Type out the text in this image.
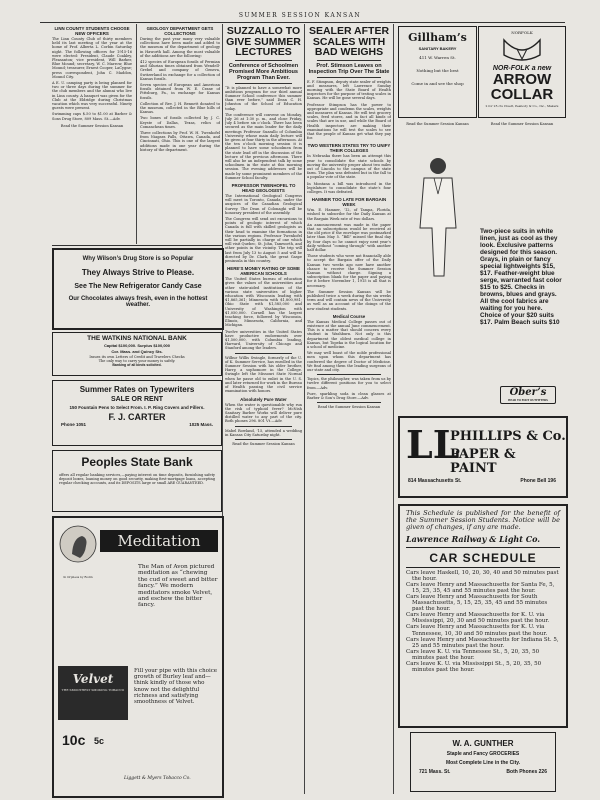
SUMMER SESSION KANSAN
LINN COUNTY STUDENTS CHOOSE NEW OFFICERS
The Linn County Club of thirty members held its last meeting of the year at the home of Prof. Alberta L. Corbin Saturday night. The following officers for 1915-16 were elected: President, Claude Coakley, Pleasanton; vice president, Will Barker, Blue Mound; secretary, W. C. Marrow, Blue Mound; treasurer, Ernest Cooper, LaCygne; press correspondent, John C. Maddox, Mound City.
A E. U. camping party is being planned for two or three days during the summer for the club members and the alumni who live in Linn county. A banquet was given for the Club at the Eldridge during Christmas vacation which was very successful. Ninety guests were present.
Swimming caps $.50 to $1.00 at Barber & Sons Drug Store, 809 Mass. St.—Adv.
Read the Summer Session Kansan
GEOLOGY DEPARTMENT GETS COLLECTIONS
During the past year many very valuable collections have been made and added to the museum of the department of geology in Haworth hall. Among the most valuable of the additions are the following:
412 species of European fossils of Permian and Silurian times obtained from Wendell-Grebel and company of Geneva, Switzerland in exchange for a collection of Kansas fossils.
Seven species of European and American fossils obtained from W. E. Crane of Pittsburg, Pa., in exchange for Kansas fossils.
Collection of Rev. J. H. Bennett donated to the museum, collected in the Blue hills of Kansas.
Two boxes of fossils collected by J. C. Keyste of Dallas, Texas, relics of Comanchean times.
Three collections by Prof. W. H. Twenhofel from Niagara Falls, Ottawa, Canada, and Cincinnati, Ohio. This is one of the largest additions made in one year during the history of the department.
SUZZALLO TO GIVE SUMMER LECTURES
Conference of Schoolmen Promised More Ambitious Program Than Ever.
“It is planned to have a somewhat more ambitious program for our third annual Summer School conference this summer than ever before,” said Dean C. H. Johnston of the School of Education today.
The conference will convene on Monday, July 26 at 1:30 p. m., and close Friday, July 4 before six o’clock. There has been secured as the main leader for the daily meetings Professor Suzzallo of Columbia University whose main daily lecture will be given at four thirty in the afternoon. At the ten o’clock morning session it is planned to have some schoolmen from the state lead off in the discussion of the lecture of the previous afternoon. There will also be an independent talk by some schoolmen in the state at this morning session. The evening addresses will be made by some prominent members of the Summer School faculty.
PROFESSOR TWENHOFEL TO HEAD GEOLOGISTS
The International Geological Congress will meet in Toronto, Canada, under the auspices of the Canadian Geological Survey. The Dean of Colonaghi will be honorary president of the assembly.
The Congress will send out excursions to points of geologic interest of which Canada is full with skilled geologists as their head to examine the formations in the various regions. Professor Twenhofel will be partially in charge of one which will visit Quebec, St. John, Tamworth, and other points in the vicinity. The trip will last from July 13 to August 5 and will be directed by Dr. Clark, the great Gaspe peninsula in this country.
HERE’S MONEY RATING OF SOME AMERICAN SCHOOLS
The United States bureau of education gives the values of the universities and other state-aided institutions of the various state universities of higher education with Wisconsin leading with $1,865,361; Minnesota with $1,800,981; Ohio State with $1,585,000 and University of Washington with $1,050,000. Cornell has the largest teaching force, followed by Wisconsin, Illinois, Minnesota, California, and Michigan.
Twelve universities in the United States have productive endowments over $1,500,000, with Columbia leading, Harvard, University of Chicago and Stanford among the leaders.
Wilbur Willis Swingle, formerly of the U. of K. Summer Service, has enrolled in the Summer Session with his older brother, Harry, a sophomore in the College. Swingle left the Missouri State Normal when he passe old to enlist in the U. S. and later returned for work in the Bureau of Health passing the civil service examination with honors.
Absolutely Pure Water
When the water is questionable why run the risk of typhoid fever? McNish Sanitary Barber Works will deliver pure distilled water to any part of the city. Both phones 296. 801 Vt.—Adv.
Mabel Rowland, ’15, attended a wedding in Kansas City Saturday night.
Read the Summer Session Kansan
SEALER AFTER SCALES WITH BAD WEIGHS
Prof. Stimson Leaves on Inspection Trip Over The State
E. F. Stimpson, deputy state sealer of weights and measures, left Lawrence Sunday morning with the State Board of Health inspectors for the purpose of testing scales in Kansas. He will be gone several days.
Professor Stimpson has the power to appropriate and condemn the scales, weights and measures of Kansas. He will test grocery scales, feed stores, and in fact all kinds of scales that are in use, and while the Board of Health inspectors are making their examinations he will test the scales to see that the people of Kansas get what they pay for.
TWO WESTERN STATES TRY TO UNIFY THEIR COLLEGES
In Nebraska there has been an attempt this year to consolidate the state schools by moving the university proper about two miles out of Lincoln to the campus of the state farm. The plan was defeated but in the fall to a popular vote of the state.
In Montana a bill was introduced in the legislature to consolidate the state’s four colleges. It was defeated.
HAMNER TOO LATE FOR BARGAIN WEEK
Wm. E. Hamner, ’12, of Tampa, Florida, wished to subscribe for the Daily Kansan at the Bargain Week rate of two dollars.
An announcement was made in the paper that no subscriptions would be received at the old price if the envelope was postmarked later than May 5. “Bill” missed the final day by four days so he cannot enjoy next year’s daily without “coming through” with another half dollar.
Those students who were not financially able to accept the Bargain offer of the Daily Kansan two weeks ago now have another chance to receive the Summer Session Kansan without charge. Signing a subscription blank for the paper and paying for it before November 1, 1915 is all that is necessary.
The Summer Session Kansan will be published twice a week during the six weeks term and will contain news of the University as well as an account of the doings of the new student students.
Medical Course
The Kansas Medical College passes out of existence at the annual June commencement. This is a matter that should concern every student in Washburn. Not only is this department the oldest medical college in Kansas, but Topeka is the logical location for a school of medicine.
We may well boast of the noble professional men upon whom this department has conferred the degree of Doctor of Medicine. We find among them the leading surgeons of our state and city.
Topics, the philosopher, was taken from us by twelve different positions for you to select from.—Adv.
Pure, sparkling soda in clean glasses at Barber & Son’s Drug Store.—Adv.
Read the Summer Session Kansan
Gillham’s
SANITARY BAKERY
411 W. Warren St.
Nothing but the best
Come in and see the shop
NORFOLK
NOR-FOLK a new
ARROW
COLLAR
2 for 25 cts Cluett, Peabody & Co., Inc., Makers
Read the Summer Session Kansan	Read the Summer Session Kansan
Why Wilson’s Drug Store is so Popular
They Always Strive to Please.
See The New Refrigerator Candy Case
Our Chocolates always fresh, even in the hottest weather.
THE WATKINS NATIONAL BANK
Capital $100,000. Surplus $100,000
Cor. Mass. and Quincy Sts.
Issues its own Letters of Credit and Travelers Checks
The only way to carry your money is safely.
Banking of all kinds solicited.
Summer Rates on Typewriters
SALE OR RENT
150 Fountain Pens to Select From. I. P. Ring Covers and Fillers.
F. J. CARTER
Phone 1051	1025 Mass.
Peoples State Bank
offers all regular banking services,—paying interest on time deposits, furnishing safety deposit boxes, loaning money on good security, making first-mortgage loans, accepting regular checking accounts, and its DEPOSITS large or small ARE GUARANTEED.
In Orpheus by Rodin
Meditation
The Man of Avon pictured meditation as “chewing the cud of sweet and bitter fancy.” We modern meditators smoke Velvet, and eschew the bitter fancy.
Velvet
THE SMOOTHEST SMOKING TOBACCO
Fill your pipe with this choice growth of Burley leaf and—think kindly of those who know not the delightful richness and satisfying smoothness of Velvet.
10c 5c
Liggett & Myers Tobacco Co.
Two-piece suits in white linen, just as cool as they look. Exclusive patterns designed for this season. Grays, in plain or fancy special lightweights $15, $17. Feather-weight blue serge, warranted fast color $15 to $25. Checks in browns, blues and grays. All the cool fabrics are waiting for you here. Choice of your $20 suits $17. Palm Beach suits $10
Ober’s
HEAD TO FOOT OUTFITTERS
LL
PHILLIPS & Co.
PAPER & PAINT
814 Massachusetts St.	Phone Bell 196
This Schedule is published for the benefit of the Summer Session Students. Notice will be given of changes, if any are made.
Lawrence Railway & Light Co.
CAR SCHEDULE
Cars leave Haskell, 10, 20, 30, 40 and 50 minutes past the hour.
Cars leave Henry and Massachusetts for Santa Fe, 5, 15, 25, 35, 45 and 55 minutes past the hour.
Cars leave Henry and Massachusetts for South Massachusetts, 5, 15, 25, 35, 45 and 55 minutes past the hour.
Cars leave Henry and Massachusetts for K. U. via Mississippi, 20, 30 and 50 minutes past the hour.
Cars leave Henry and Massachusetts for K. U. via Tennessee, 10, 30 and 50 minutes past the hour.
Cars leave Henry and Massachusetts for Indiana St. 5, 25 and 55 minutes past the hour.
Cars leave K. U. via Tennessee St., 5, 20, 35, 50 minutes past the hour.
Cars leave K. U. via Mississippi St., 5, 20, 35, 50 minutes past the hour.
W. A. GUNTHER
Staple and Fancy GROCERIES
Most Complete Line in the City.
721 Mass. St.	Both Phones 226
